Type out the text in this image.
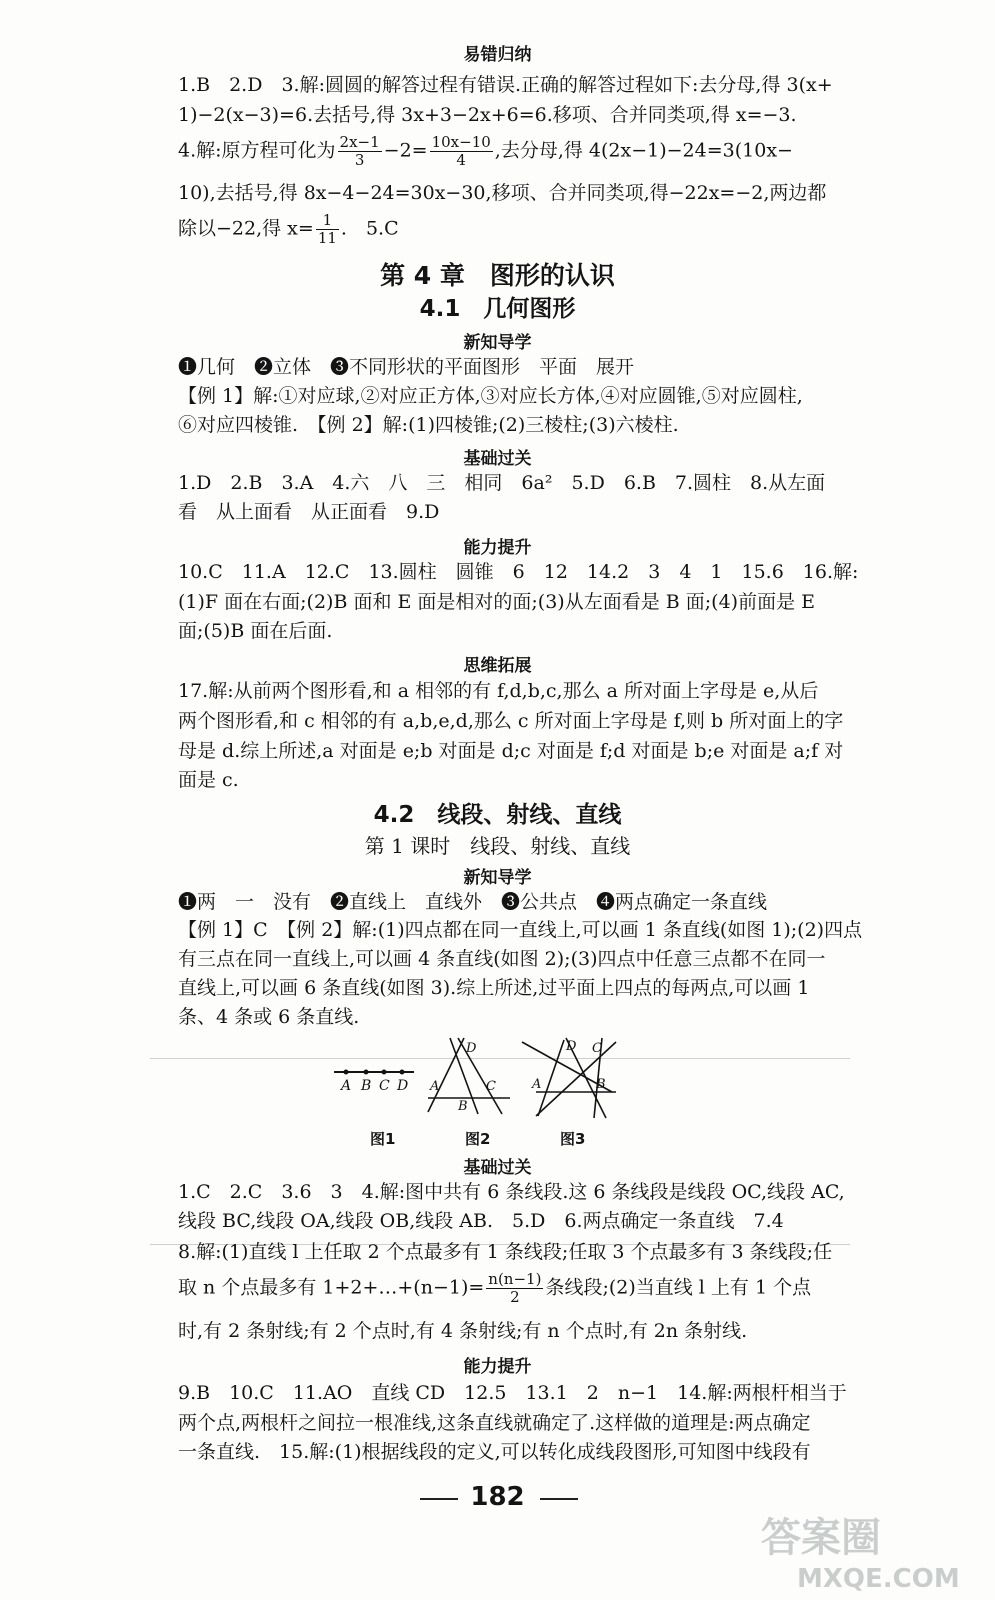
易错归纳
1.B　2.D　3.解:圆圆的解答过程有错误.正确的解答过程如下:去分母,得 3(x+
1)−2(x−3)=6.去括号,得 3x+3−2x+6=6.移项、合并同类项,得 x=−3.
4.解:原方程可化为 $\frac{2x-1}{3} -2= \frac{10x-10}{4}$ ,去分母,得 4(2x−1)−24=3(10x−
10),去括号,得 8x−4−24=30x−30,移项、合并同类项,得−22x=−2,两边都
除以−22,得 $x= \frac{1}{11}$ .　5.C
第 4 章　图形的认识
4.1　几何图形
新知导学
❶几何　❷立体　❸不同形状的平面图形　平面　展开
【例 1】解:①对应球,②对应正方体,③对应长方体,④对应圆锥,⑤对应圆柱,
⑥对应四棱锥.　【例 2】解:(1)四棱锥;(2)三棱柱;(3)六棱柱.
基础过关
1.D　2.B　3.A　4.六　八　三　相同　6a²　5.D　6.B　7.圆柱　8.从左面
看　从上面看　从正面看　9.D
能力提升
10.C　11.A　12.C　13.圆柱　圆锥　6　12　14.2　3　4　1　15.6　16.解:
(1)F 面在右面;(2)B 面和 E 面是相对的面;(3)从左面看是 B 面;(4)前面是 E
面;(5)B 面在后面.
思维拓展
17.解:从前两个图形看,和 a 相邻的有 f,d,b,c,那么 a 所对面上字母是 e,从后
两个图形看,和 c 相邻的有 a,b,e,d,那么 c 所对面上字母是 f,则 b 所对面上的字
母是 d.综上所述,a 对面是 e;b 对面是 d;c 对面是 f;d 对面是 b;e 对面是 a;f 对
面是 c.
4.2　线段、射线、直线
第 1 课时　线段、射线、直线
新知导学
❶两　一　没有　❷直线上　直线外　❸公共点　❹两点确定一条直线
【例 1】C　【例 2】解:(1)四点都在同一直线上,可以画 1 条直线(如图 1);(2)四点
有三点在同一直线上,可以画 4 条直线(如图 2);(3)四点中任意三点都不在同一
直线上,可以画 6 条直线(如图 3).综上所述,过平面上四点的每两点,可以画 1
条、4 条或 6 条直线.
A B C D
D
A	C
B
D C
A	B
图1	图2	图3
基础过关
1.C　2.C　3.6　3　4.解:图中共有 6 条线段.这 6 条线段是线段 OC,线段 AC,
线段 BC,线段 OA,线段 OB,线段 AB.　5.D　6.两点确定一条直线　7.4
8.解:(1)直线 l 上任取 2 个点最多有 1 条线段;任取 3 个点最多有 3 条线段;任
取 n 个点最多有 1+2+…+(n−1)= $\frac{n(n-1)}{2}$ 条线段;(2)当直线 l 上有 1 个点
时,有 2 条射线;有 2 个点时,有 4 条射线;有 n 个点时,有 2n 条射线.
能力提升
9.B　10.C　11.AO　直线 CD　12.5　13.1　2　n−1　14.解:两根杆相当于
两个点,两根杆之间拉一根准线,这条直线就确定了.这样做的道理是:两点确定
一条直线.　15.解:(1)根据线段的定义,可以转化成线段图形,可知图中线段有
182
答案圈
MXQE.COM
